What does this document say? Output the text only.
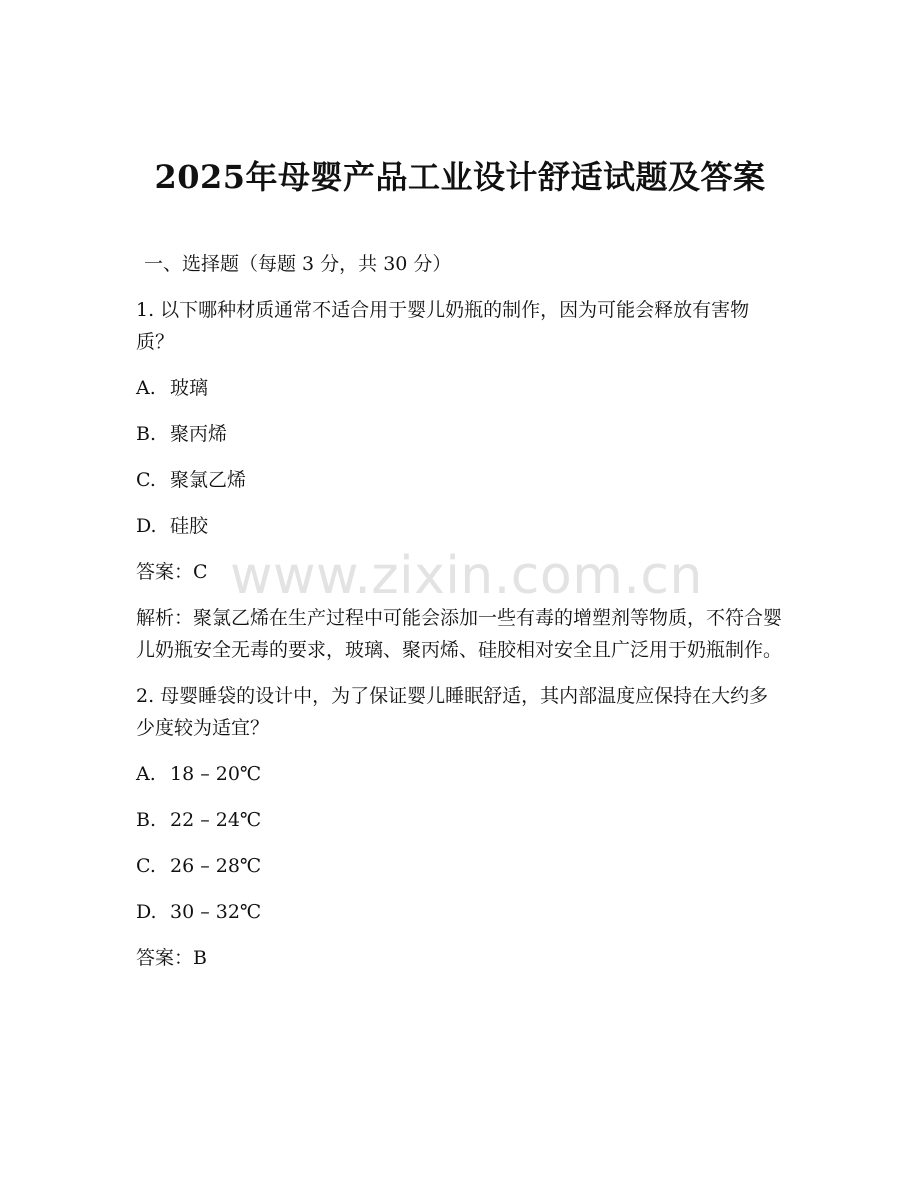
2025年母婴产品工业设计舒适试题及答案
www.zixin.com.cn

一、选择题（每题 3 分，共 30 分）

1. 以下哪种材质通常不适合用于婴儿奶瓶的制作，因为可能会释放有害物质？

A. 玻璃

B. 聚丙烯

C. 聚氯乙烯

D. 硅胶

答案：C

解析：聚氯乙烯在生产过程中可能会添加一些有毒的增塑剂等物质，不符合婴儿奶瓶安全无毒的要求，玻璃、聚丙烯、硅胶相对安全且广泛用于奶瓶制作。

2. 母婴睡袋的设计中，为了保证婴儿睡眠舒适，其内部温度应保持在大约多少度较为适宜？

A. 18 – 20℃

B. 22 – 24℃

C. 26 – 28℃

D. 30 – 32℃

答案：B
